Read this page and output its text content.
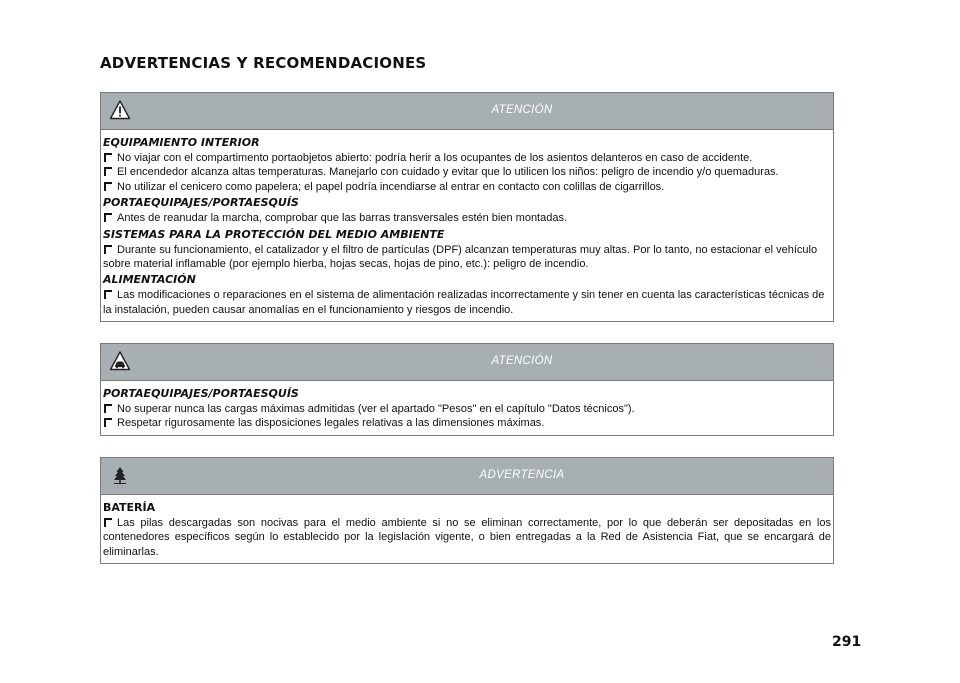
ADVERTENCIAS Y RECOMENDACIONES
ATENCIÓN
EQUIPAMIENTO INTERIOR
No viajar con el compartimento portaobjetos abierto: podría herir a los ocupantes de los asientos delanteros en caso de accidente.
El encendedor alcanza altas temperaturas. Manejarlo con cuidado y evitar que lo utilicen los niños: peligro de incendio y/o quemaduras.
No utilizar el cenicero como papelera; el papel podría incendiarse al entrar en contacto con colillas de cigarrillos.
PORTAEQUIPAJES/PORTAESQUÍS
Antes de reanudar la marcha, comprobar que las barras transversales estén bien montadas.
SISTEMAS PARA LA PROTECCIÓN DEL MEDIO AMBIENTE
Durante su funcionamiento, el catalizador y el filtro de partículas (DPF) alcanzan temperaturas muy altas. Por lo tanto, no estacionar el vehículo sobre material inflamable (por ejemplo hierba, hojas secas, hojas de pino, etc.): peligro de incendio.
ALIMENTACIÓN
Las modificaciones o reparaciones en el sistema de alimentación realizadas incorrectamente y sin tener en cuenta las características técnicas de la instalación, pueden causar anomalías en el funcionamiento y riesgos de incendio.
ATENCIÓN
PORTAEQUIPAJES/PORTAESQUÍS
No superar nunca las cargas máximas admitidas (ver el apartado "Pesos" en el capítulo "Datos técnicos").
Respetar rigurosamente las disposiciones legales relativas a las dimensiones máximas.
ADVERTENCIA
BATERÍA
Las pilas descargadas son nocivas para el medio ambiente si no se eliminan correctamente, por lo que deberán ser depositadas en los contenedores específicos según lo establecido por la legislación vigente, o bien entregadas a la Red de Asistencia Fiat, que se encargará de eliminarlas.
291
